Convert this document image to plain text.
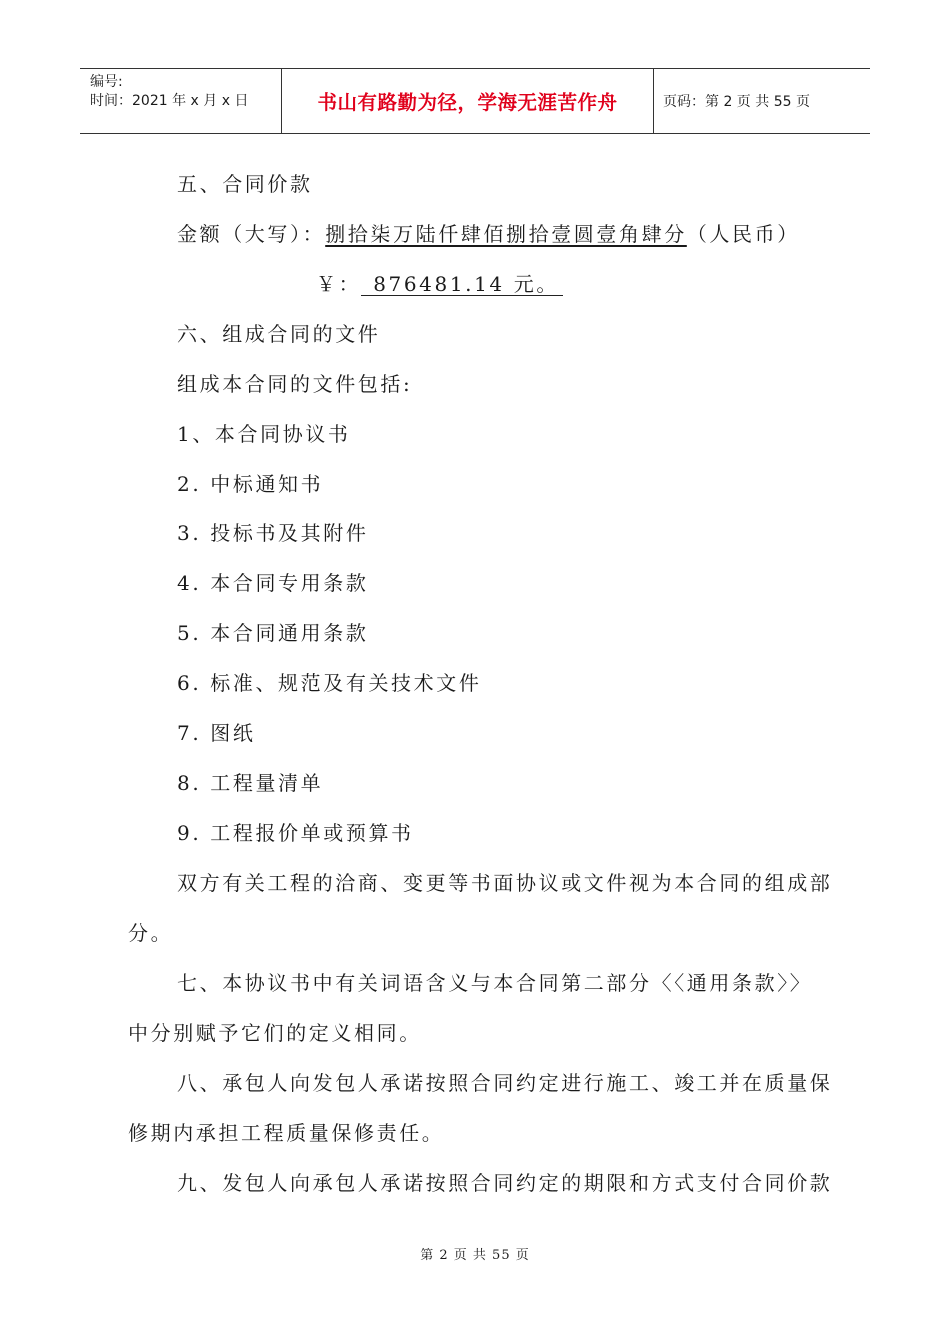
编号:
时间：2021 年 x 月 x 日	书山有路勤为径，学海无涯苦作舟	页码：第 2 页 共 55 页
五、合同价款
金额（大写）：捌拾柒万陆仟肆佰捌拾壹圆壹角肆分（人民币）
￥： 876481.14 元。
六、组成合同的文件
组成本合同的文件包括:
1、本合同协议书
2. 中标通知书
3. 投标书及其附件
4. 本合同专用条款
5. 本合同通用条款
6. 标准、规范及有关技术文件
7. 图纸
8. 工程量清单
9. 工程报价单或预算书
双方有关工程的洽商、变更等书面协议或文件视为本合同的组成部
分。
七、本协议书中有关词语含义与本合同第二部分〈〈通用条款〉〉
中分别赋予它们的定义相同。
八、承包人向发包人承诺按照合同约定进行施工、竣工并在质量保
修期内承担工程质量保修责任。
九、发包人向承包人承诺按照合同约定的期限和方式支付合同价款
第 2 页 共 55 页
